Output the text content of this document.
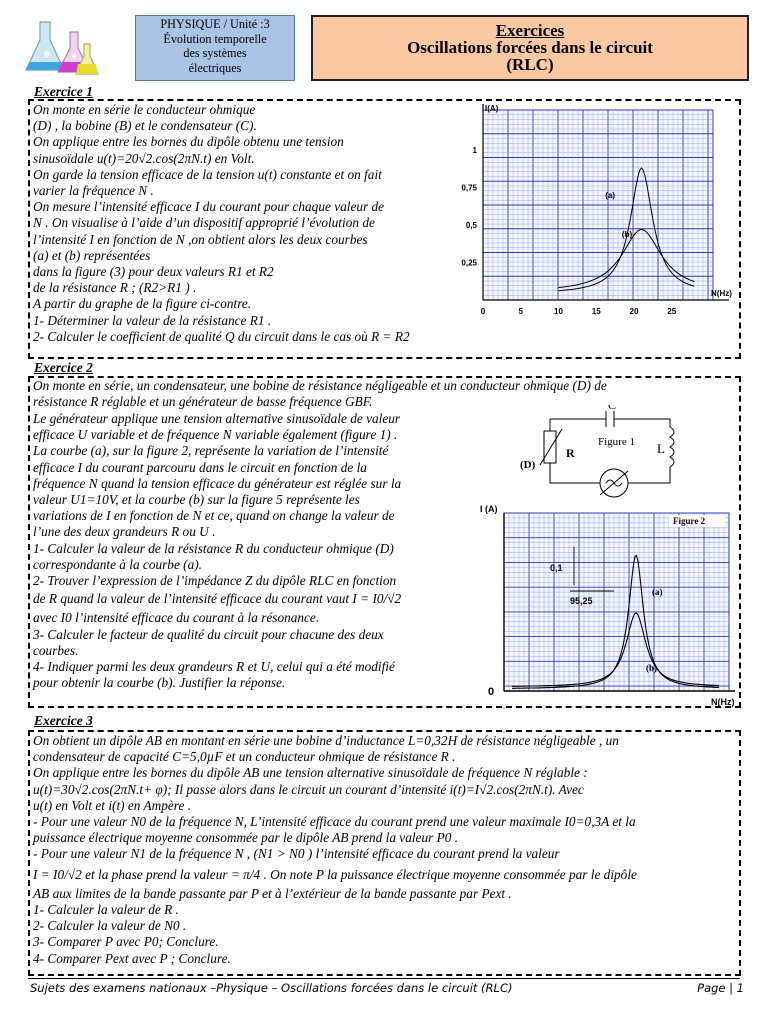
PHYSIQUE / Unité :3
Évolution temporelle
des systèmes
électriques
Exercices
Oscillations forcées dans le circuit
(RLC)
Exercice 1

On monte en série le conducteur ohmique

(D) , la bobine (B) et le condensateur (C).

On applique entre les bornes du dipôle obtenu une tension

sinusoïdale u(t)=20√2.cos(2πN.t) en Volt.

On garde la tension efficace de la tension u(t) constante et on fait

varier la fréquence N .

On mesure l’intensité efficace I du courant pour chaque valeur de

N . On visualise à l’aide d’un dispositif approprié l’évolution de

l’intensité I en fonction de N ,on obtient alors les deux courbes

(a) et (b) représentées

dans la figure (3) pour deux valeurs R1 et R2

de la résistance R ; (R2>R1 ) .

A partir du graphe de la figure ci-contre.

1- Déterminer la valeur de la résistance R1 .

2- Calculer le coefficient de qualité Q du circuit dans le cas où R = R2

I(A)
N(Hz)
1
0,75
0,5
0,25
0	5	10	15	20	25
(a)
(b)
Exercice 2

On monte en série, un condensateur, une bobine de résistance négligeable et un conducteur ohmique (D) de

résistance R réglable et un générateur de basse fréquence GBF.

Le générateur applique une tension alternative sinusoïdale de valeur

efficace U variable et de fréquence N variable également (figure 1) .

La courbe (a), sur la figure 2, représente la variation de l’intensité

efficace I du courant parcouru dans le circuit en fonction de la

fréquence N quand la tension efficace du générateur est réglée sur la

valeur U1=10V, et la courbe (b) sur la figure 5 représente les

variations de I en fonction de N et ce, quand on change la valeur de

l’une des deux grandeurs R ou U .

1- Calculer la valeur de la résistance R du conducteur ohmique (D)

correspondante à la courbe (a).

2- Trouver l’expression de l’impédance Z du dipôle RLC en fonction

de R quand la valeur de l’intensité efficace du courant vaut I = I0/√2

avec I0 l’intensité efficace du courant à la résonance.

3- Calculer le facteur de qualité du circuit pour chacune des deux

courbes.

4- Indiquer parmi les deux grandeurs R et U, celui qui a été modifié

pour obtenir la courbe (b). Justifier la réponse.

C
Figure 1 L
R
(D)
I (A)
N(Hz)
0
Figure 2
0,1
95,25
(a)
(b)
Exercice 3

On obtient un dipôle AB en montant en série une bobine d’inductance L=0,32H de résistance négligeable , un

condensateur de capacité C=5,0µF et un conducteur ohmique de résistance R .

On applique entre les bornes du dipôle AB une tension alternative sinusoïdale de fréquence N réglable :

u(t)=30√2.cos(2πN.t+ φ); Il passe alors dans le circuit un courant d’intensité i(t)=I√2.cos(2πN.t). Avec

u(t) en Volt et i(t) en Ampère .

- Pour une valeur N0 de la fréquence N, L’intensité efficace du courant prend une valeur maximale I0=0,3A et la

puissance électrique moyenne consommée par le dipôle AB prend la valeur P0 .

- Pour une valeur N1 de la fréquence N , (N1 > N0 ) l’intensité efficace du courant prend la valeur

I = I0/√2 et la phase prend la valeur = π/4 . On note P la puissance électrique moyenne consommée par le dipôle

AB aux limites de la bande passante par P et à l’extérieur de la bande passante par Pext .

1- Calculer la valeur de R .

2- Calculer la valeur de N0 .

3- Comparer P avec P0; Conclure.

4- Comparer Pext avec P ; Conclure.

Sujets des examens nationaux –Physique – Oscillations forcées dans le circuit (RLC)	Page | 1
